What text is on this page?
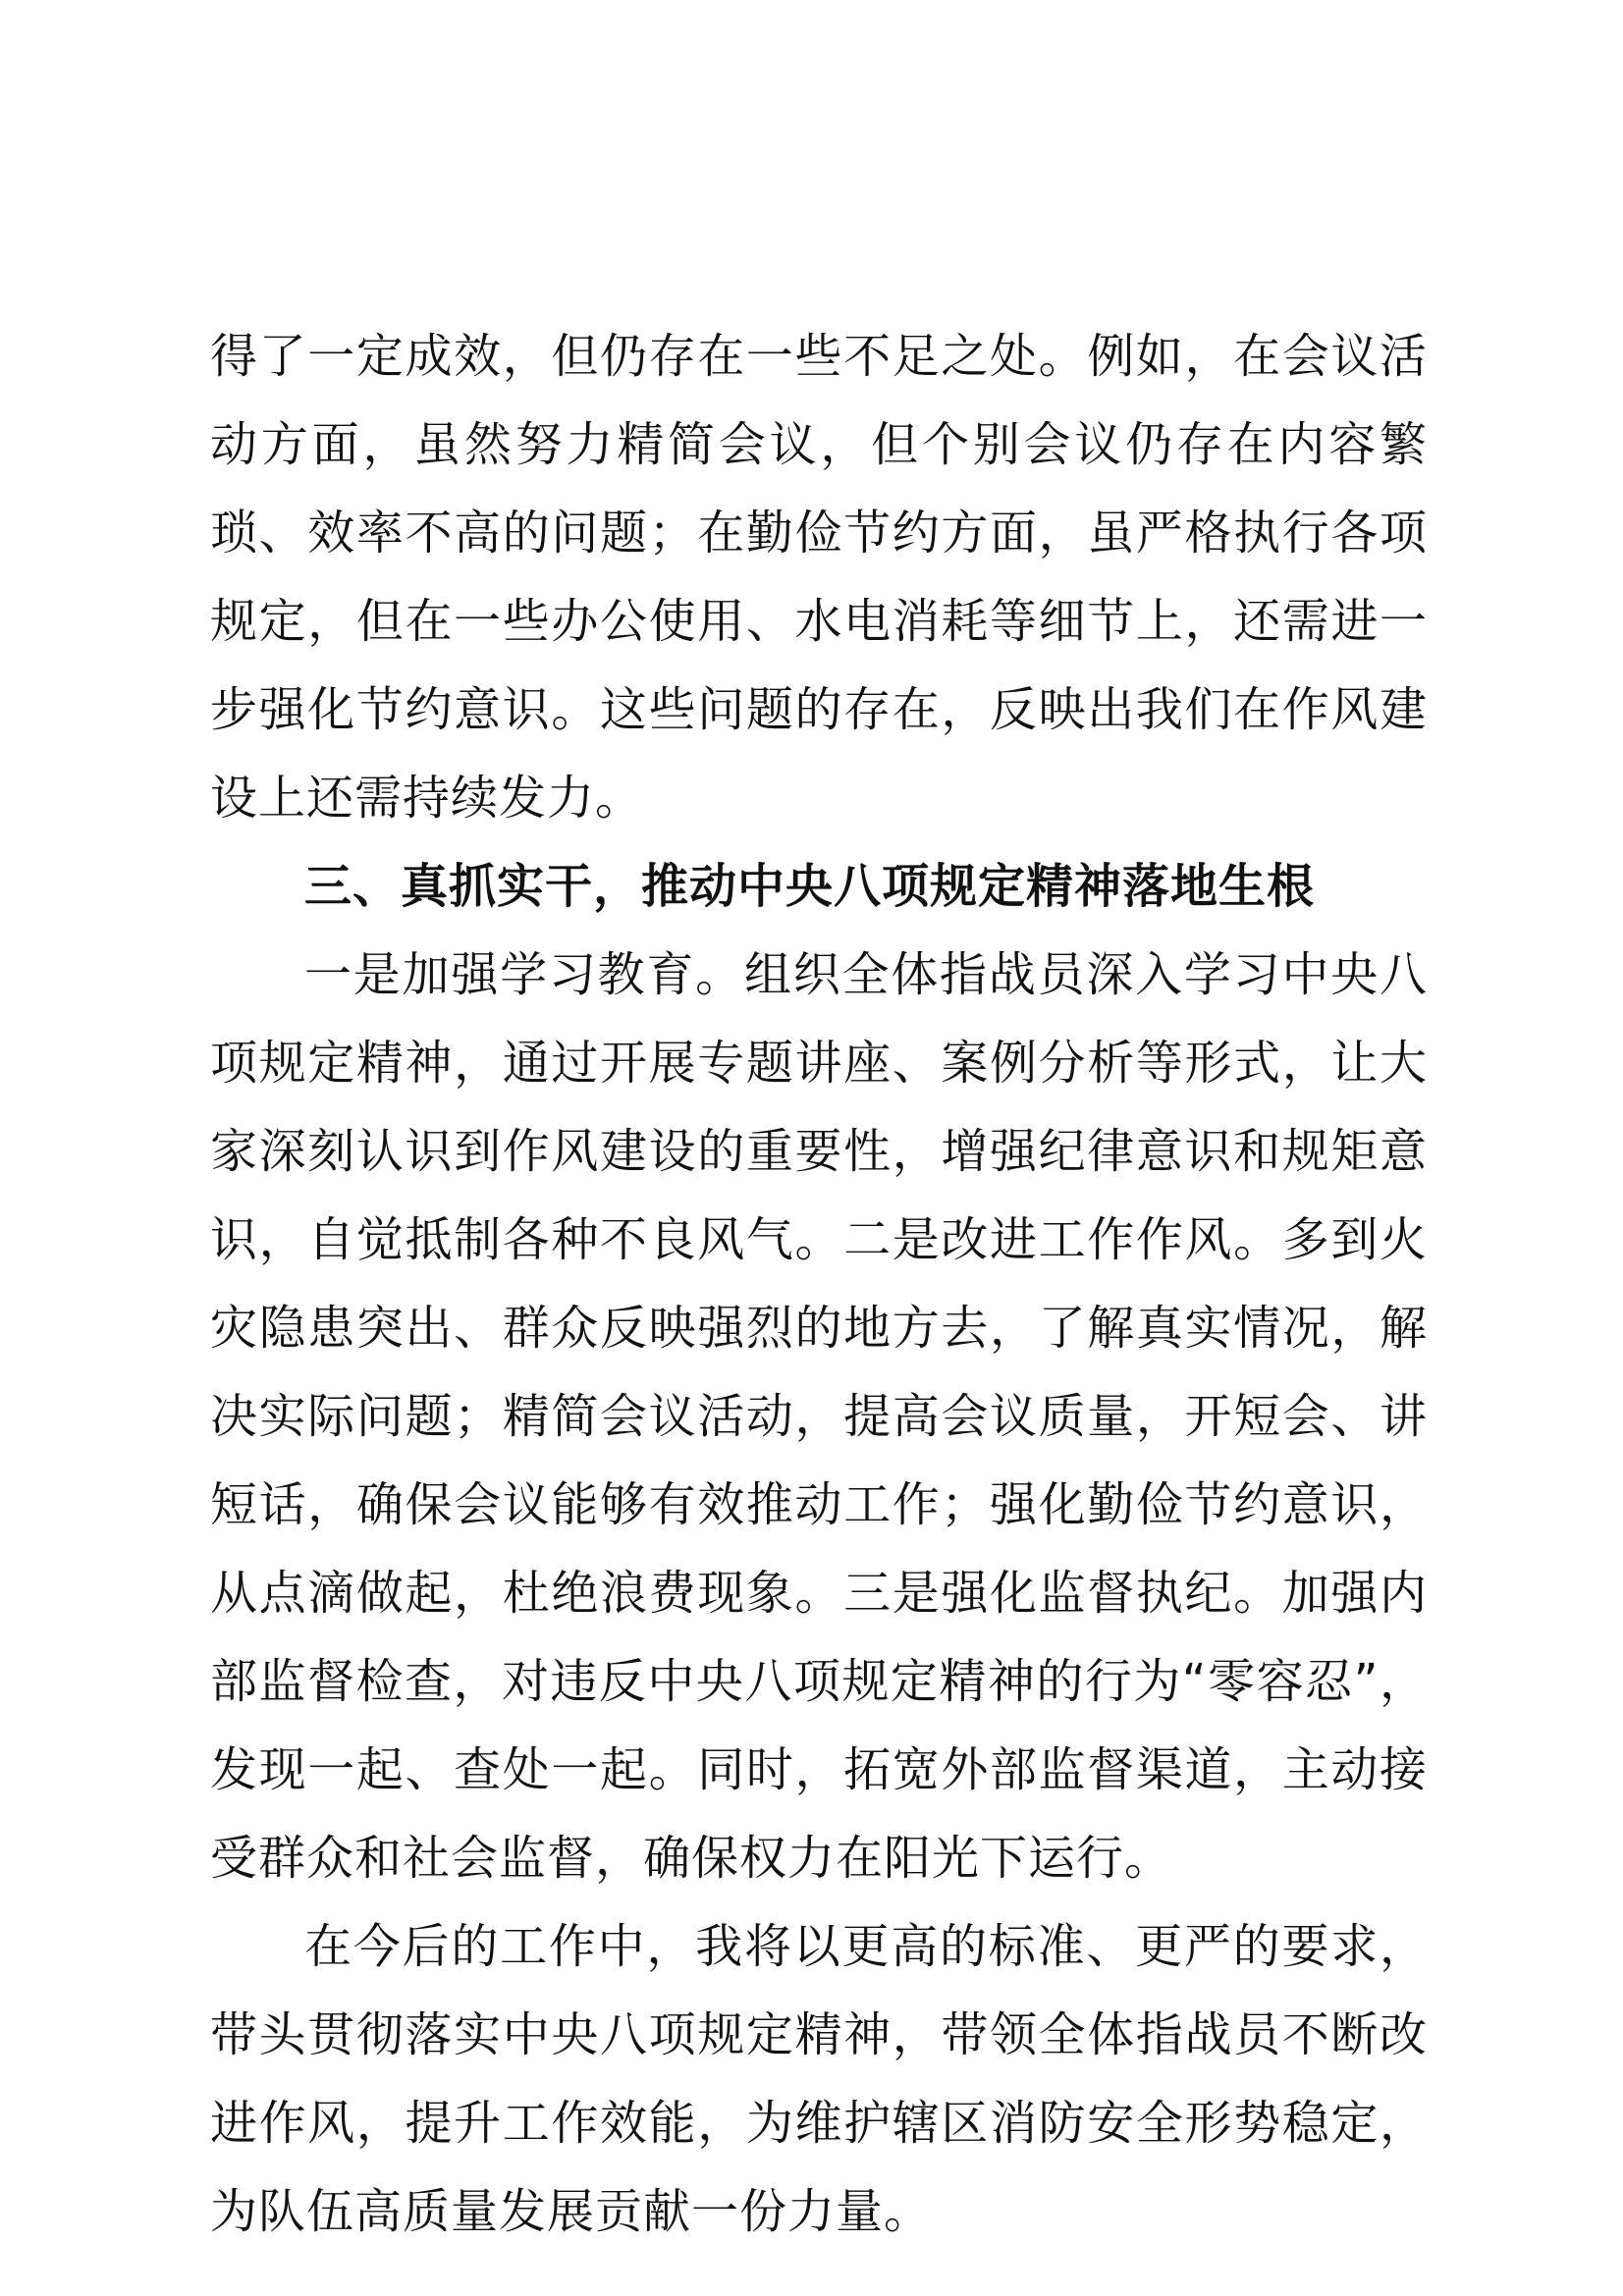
得了一定成效，但仍存在一些不足之处。例如，在会议活动方面，虽然努力精简会议，但个别会议仍存在内容繁琐、效率不高的问题；在勤俭节约方面，虽严格执行各项规定，但在一些办公使用、水电消耗等细节上，还需进一步强化节约意识。这些问题的存在，反映出我们在作风建设上还需持续发力。

三、真抓实干，推动中央八项规定精神落地生根

一是加强学习教育。组织全体指战员深入学习中央八项规定精神，通过开展专题讲座、案例分析等形式，让大家深刻认识到作风建设的重要性，增强纪律意识和规矩意识，自觉抵制各种不良风气。二是改进工作作风。多到火灾隐患突出、群众反映强烈的地方去，了解真实情况，解决实际问题；精简会议活动，提高会议质量，开短会、讲短话，确保会议能够有效推动工作；强化勤俭节约意识，从点滴做起，杜绝浪费现象。三是强化监督执纪。加强内部监督检查，对违反中央八项规定精神的行为“零容忍”，发现一起、查处一起。同时，拓宽外部监督渠道，主动接受群众和社会监督，确保权力在阳光下运行。

在今后的工作中，我将以更高的标准、更严的要求，带头贯彻落实中央八项规定精神，带领全体指战员不断改进作风，提升工作效能，为维护辖区消防安全形势稳定，为队伍高质量发展贡献一份力量。
